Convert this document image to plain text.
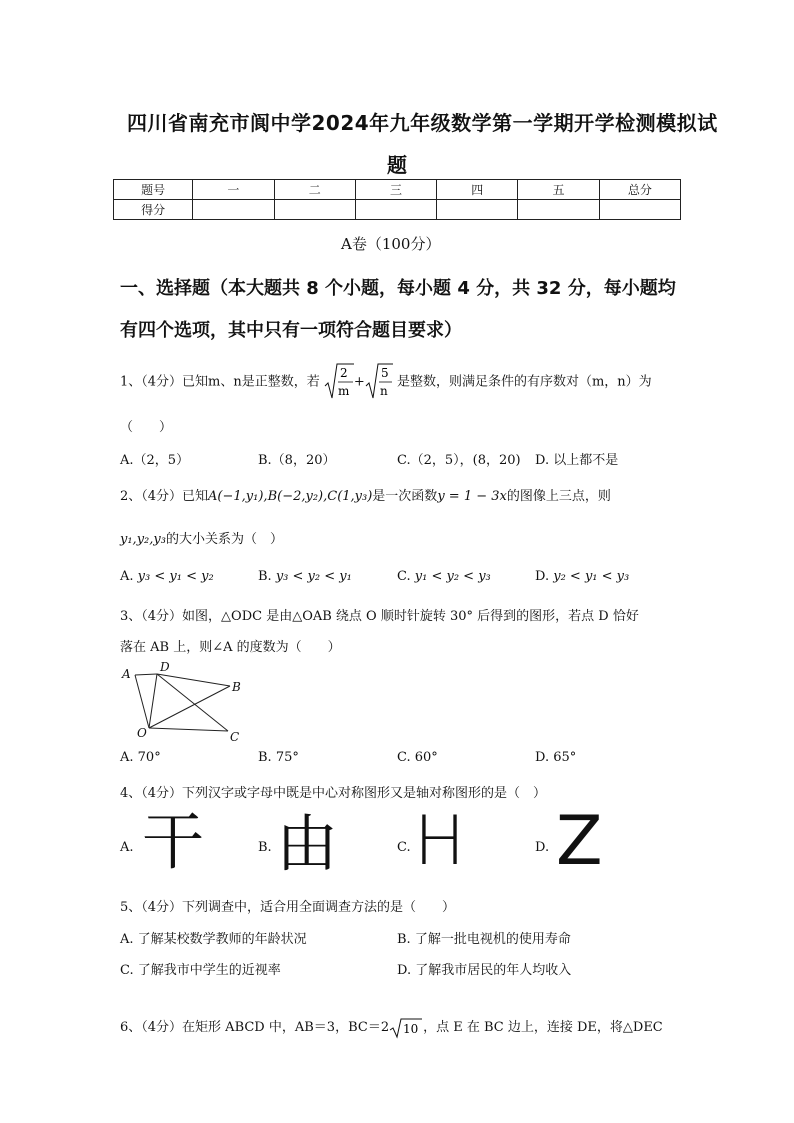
四川省南充市阆中学2024年九年级数学第一学期开学检测模拟试
题
题号	一	二	三	四	五	总分
得分						
A卷（100分）
一、选择题（本大题共 8 个小题，每小题 4 分，共 32 分，每小题均
有四个选项，其中只有一项符合题目要求）
1、（4分）已知m、n是正整数，若
2
m
+
5
n
是整数，则满足条件的有序数对（m，n）为
（　　）
A.（2，5）	B.（8，20）	C.（2，5），(8，20) D. 以上都不是
2、（4分）已知A(−1,y₁),B(−2,y₂),C(1,y₃)是一次函数y = 1 − 3x的图像上三点，则
y₁,y₂,y₃的大小关系为（　）
A. y₃ < y₁ < y₂	B. y₃ < y₂ < y₁	C. y₁ < y₂ < y₃	D. y₂ < y₁ < y₃
3、（4分）如图，△ODC 是由△OAB 绕点 O 顺时针旋转 30° 后得到的图形，若点 D 恰好
落在 AB 上，则∠A 的度数为（　　）
A D
B
O	C
A. 70°	B. 75°	C. 60°	D. 65°
4、（4分）下列汉字或字母中既是中心对称图形又是轴对称图形的是（　）
A.	B.	C.	D.
干 由 H Z
5、（4分）下列调查中，适合用全面调查方法的是（　　）
A. 了解某校数学教师的年龄状况	B. 了解一批电视机的使用寿命
C. 了解我市中学生的近视率	D. 了解我市居民的年人均收入
6、（4分）在矩形 ABCD 中，AB＝3，BC＝2 10 ，点 E 在 BC 边上，连接 DE，将△DEC
